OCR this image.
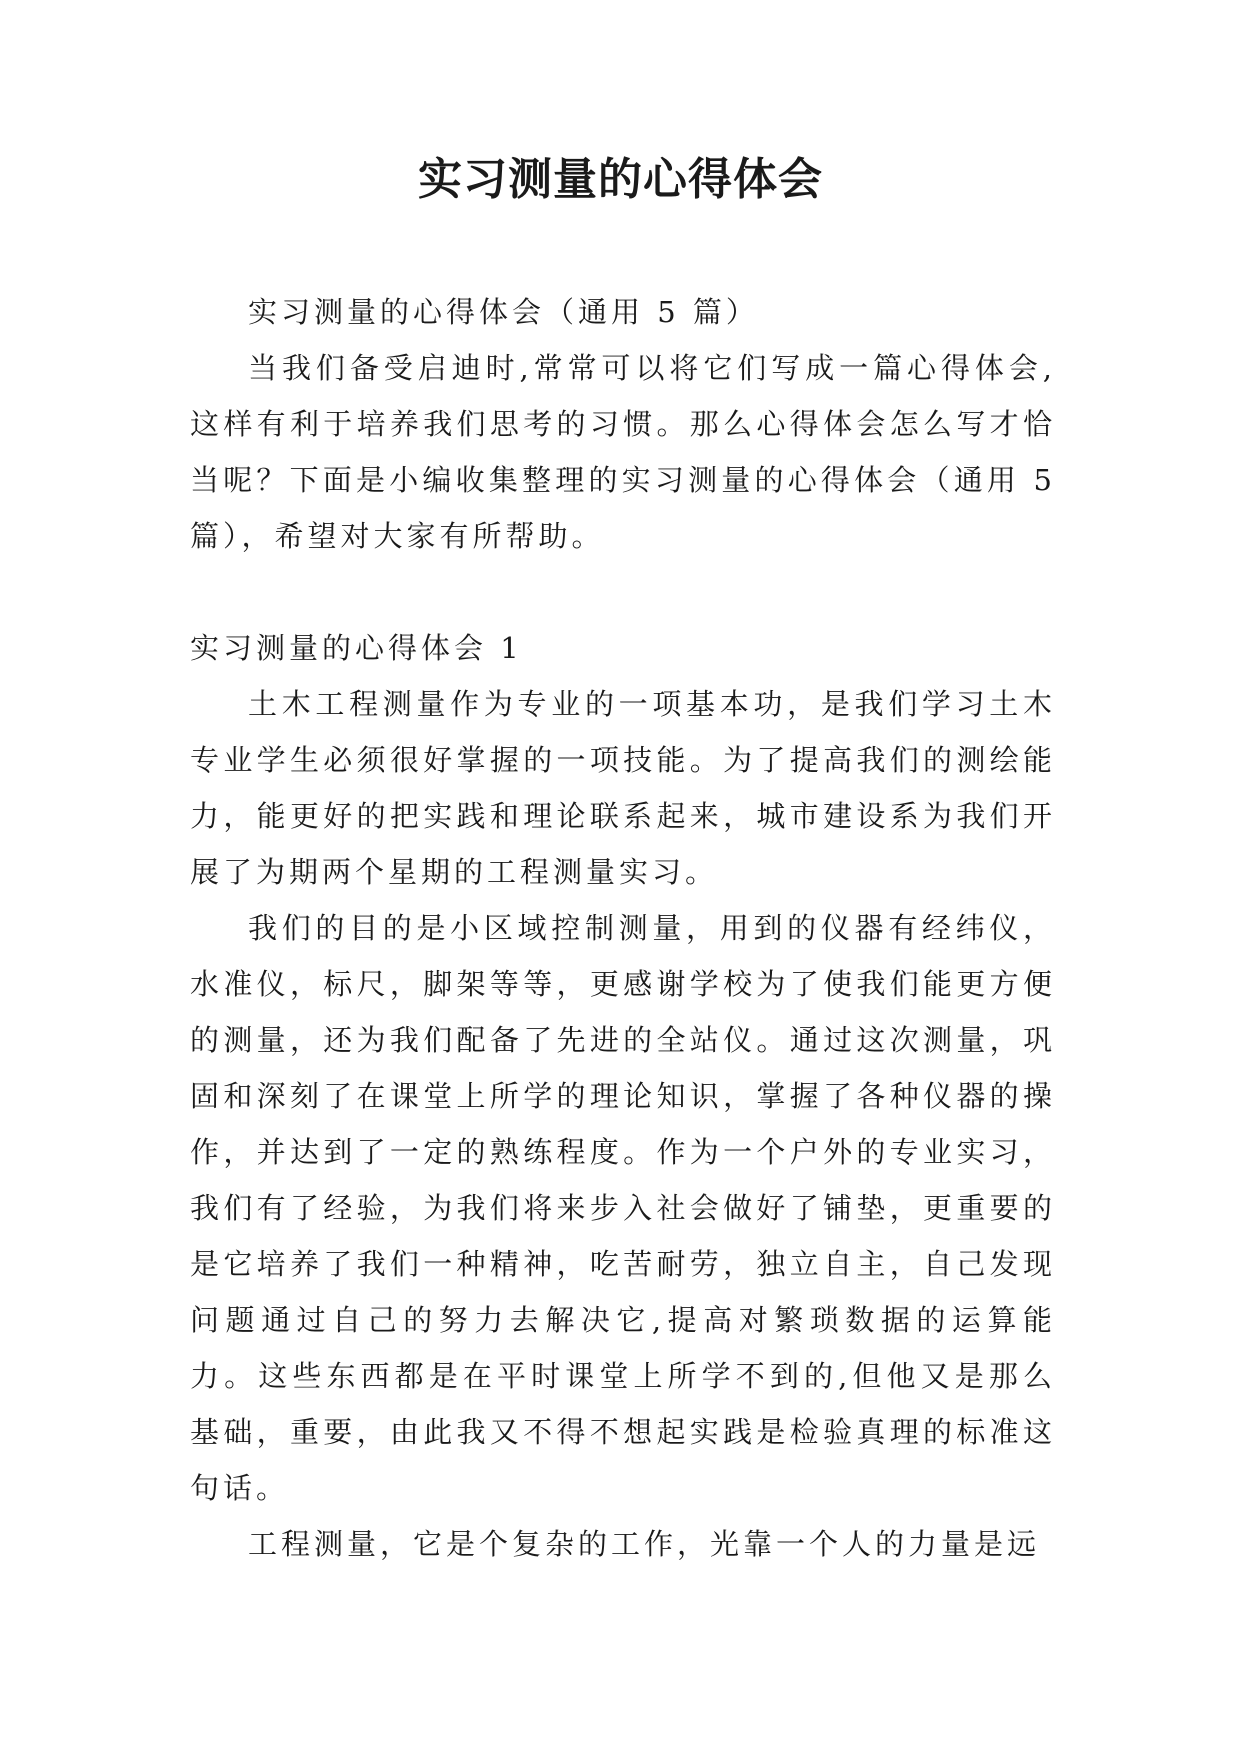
实习测量的心得体会

实习测量的心得体会（通用 5 篇）

当我们备受启迪时,常常可以将它们写成一篇心得体会,这样有利于培养我们思考的习惯。那么心得体会怎么写才恰当呢？下面是小编收集整理的实习测量的心得体会（通用 5 篇），希望对大家有所帮助。

实习测量的心得体会 1

土木工程测量作为专业的一项基本功，是我们学习土木专业学生必须很好掌握的一项技能。为了提高我们的测绘能力，能更好的把实践和理论联系起来，城市建设系为我们开展了为期两个星期的工程测量实习。

我们的目的是小区域控制测量，用到的仪器有经纬仪，水准仪，标尺，脚架等等，更感谢学校为了使我们能更方便的测量，还为我们配备了先进的全站仪。通过这次测量，巩固和深刻了在课堂上所学的理论知识，掌握了各种仪器的操作，并达到了一定的熟练程度。作为一个户外的专业实习，我们有了经验，为我们将来步入社会做好了铺垫，更重要的是它培养了我们一种精神，吃苦耐劳，独立自主，自己发现问题通过自己的努力去解决它,提高对繁琐数据的运算能力。这些东西都是在平时课堂上所学不到的,但他又是那么基础，重要，由此我又不得不想起实践是检验真理的标准这句话。

工程测量，它是个复杂的工作，光靠一个人的力量是远
